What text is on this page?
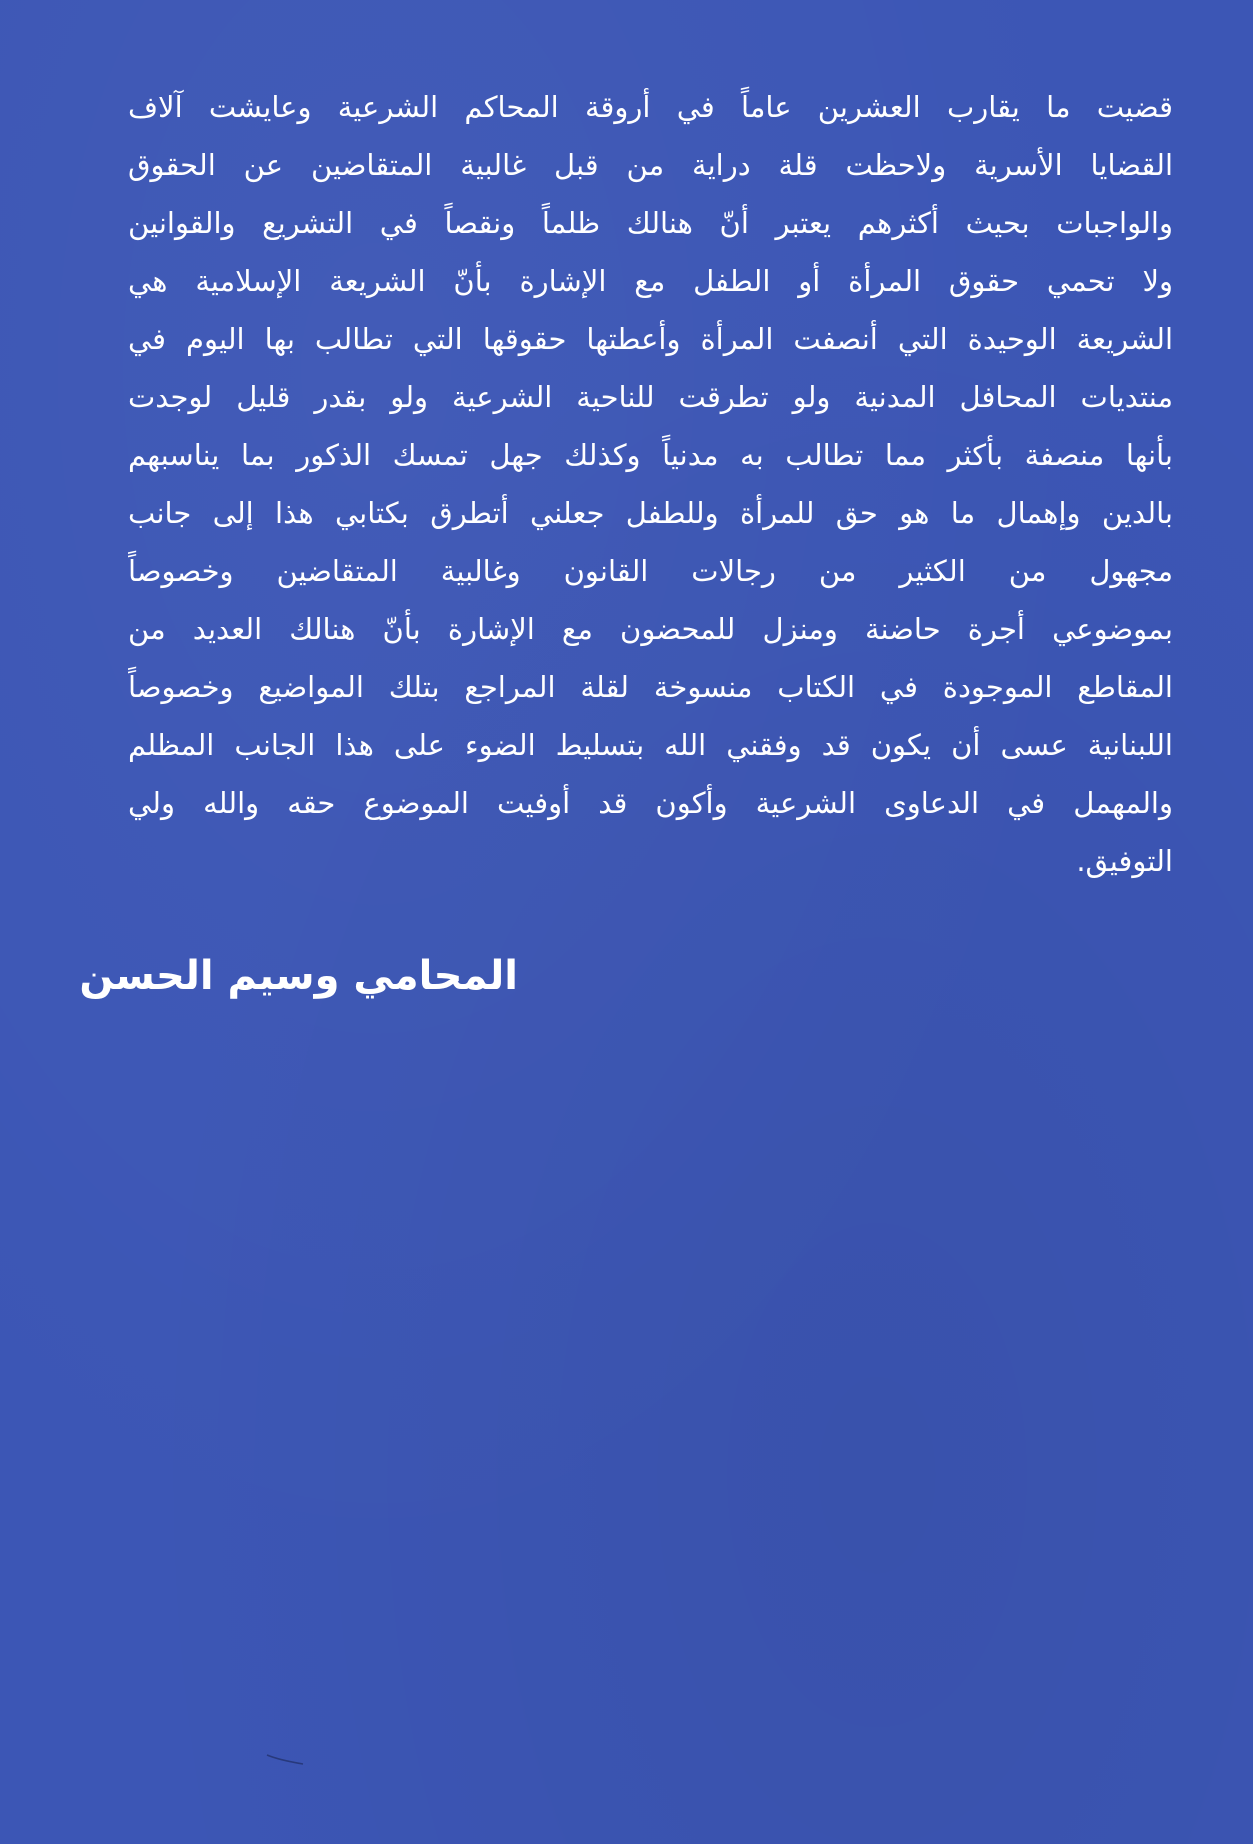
قضيت ما يقارب العشرين عاماً في أروقة المحاكم الشرعية وعايشت آلاف
القضايا الأسرية ولاحظت قلة دراية من قبل غالبية المتقاضين عن الحقوق
والواجبات بحيث أكثرهم يعتبر أنّ هنالك ظلماً ونقصاً في التشريع والقوانين
ولا تحمي حقوق المرأة أو الطفل مع الإشارة بأنّ الشريعة الإسلامية هي
الشريعة الوحيدة التي أنصفت المرأة وأعطتها حقوقها التي تطالب بها اليوم في
منتديات المحافل المدنية ولو تطرقت للناحية الشرعية ولو بقدر قليل لوجدت
بأنها منصفة بأكثر مما تطالب به مدنياً وكذلك جهل تمسك الذكور بما يناسبهم
بالدين وإهمال ما هو حق للمرأة وللطفل جعلني أتطرق بكتابي هذا إلى جانب
مجهول من الكثير من رجالات القانون وغالبية المتقاضين وخصوصاً
بموضوعي أجرة حاضنة ومنزل للمحضون مع الإشارة بأنّ هنالك العديد من
المقاطع الموجودة في الكتاب منسوخة لقلة المراجع بتلك المواضيع وخصوصاً
اللبنانية عسى أن يكون قد وفقني الله بتسليط الضوء على هذا الجانب المظلم
والمهمل في الدعاوى الشرعية وأكون قد أوفيت الموضوع حقه والله ولي
التوفيق.
المحامي وسيم الحسن
